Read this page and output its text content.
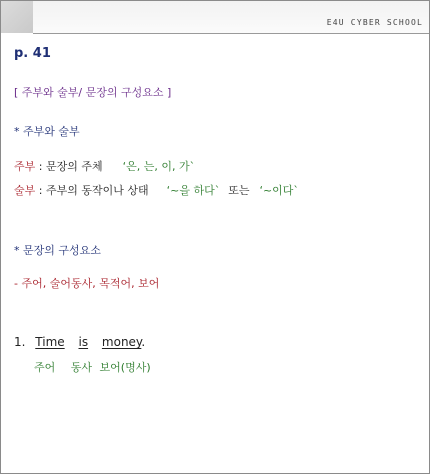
E4U CYBER SCHOOL
p. 41
[ 주부와 술부/ 문장의 구성요소 ]
* 주부와 술부
주부 : 문장의 주체 ‘은, 는, 이, 가`
술부 : 주부의 동작이나 상태 ‘~을 하다` 또는 ‘~이다`
* 문장의 구성요소
- 주어, 술어동사, 목적어, 보어
1. Time is money.
주어 동사 보어(명사)
